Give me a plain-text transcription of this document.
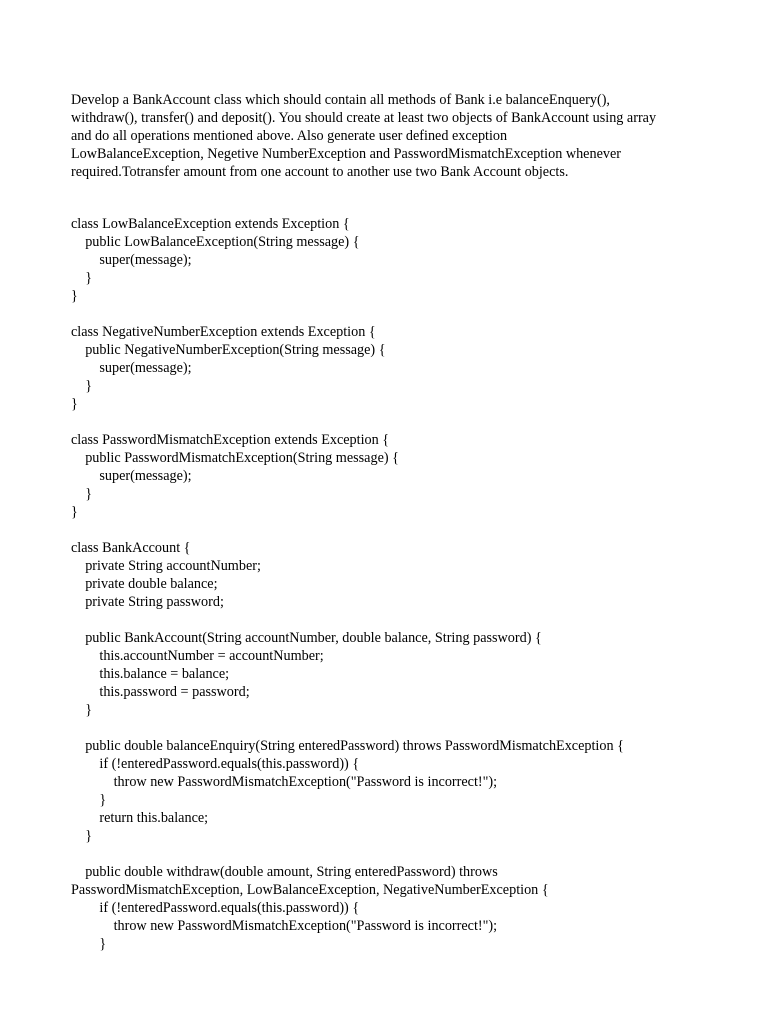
Develop a BankAccount class which should contain all methods of Bank i.e balanceEnquery(),

withdraw(), transfer() and deposit(). You should create at least two objects of BankAccount using array

and do all operations mentioned above. Also generate user defined exception

LowBalanceException, Negetive NumberException and PasswordMismatchException whenever

required.Totransfer amount from one account to another use two Bank Account objects.

class LowBalanceException extends Exception {
public LowBalanceException(String message) {
super(message);
}
}
class NegativeNumberException extends Exception {
public NegativeNumberException(String message) {
super(message);
}
}
class PasswordMismatchException extends Exception {
public PasswordMismatchException(String message) {
super(message);
}
}
class BankAccount {
private String accountNumber;
private double balance;
private String password;
public BankAccount(String accountNumber, double balance, String password) {
this.accountNumber = accountNumber;
this.balance = balance;
this.password = password;
}
public double balanceEnquiry(String enteredPassword) throws PasswordMismatchException {
if (!enteredPassword.equals(this.password)) {
throw new PasswordMismatchException("Password is incorrect!");
}
return this.balance;
}
public double withdraw(double amount, String enteredPassword) throws
PasswordMismatchException, LowBalanceException, NegativeNumberException {
if (!enteredPassword.equals(this.password)) {
throw new PasswordMismatchException("Password is incorrect!");
}
